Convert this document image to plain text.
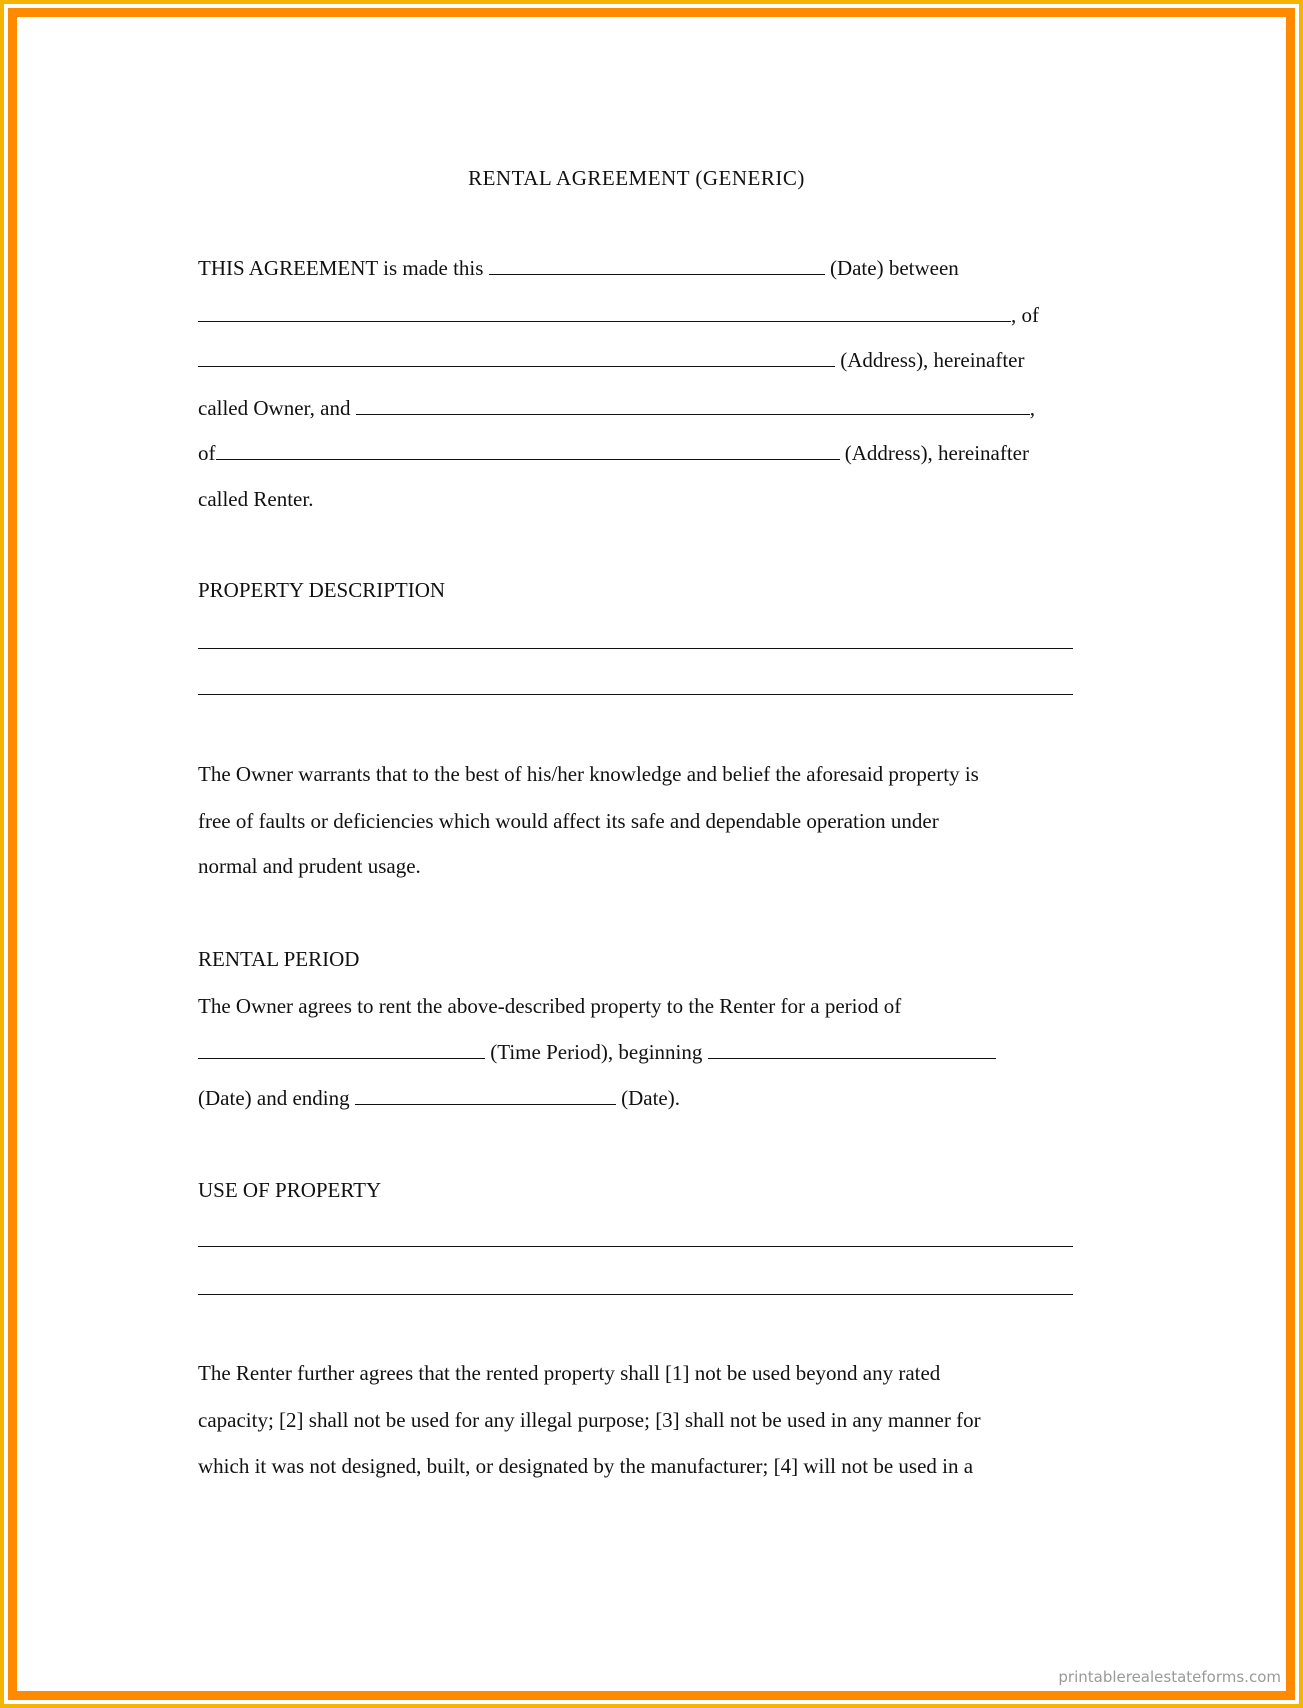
RENTAL AGREEMENT (GENERIC)
THIS AGREEMENT is made this	(Date) between
, of
(Address), hereinafter
called Owner, and	,
of	(Address), hereinafter
called Renter.
PROPERTY DESCRIPTION
The Owner warrants that to the best of his/her knowledge and belief the aforesaid property is
free of faults or deficiencies which would affect its safe and dependable operation under
normal and prudent usage.
RENTAL PERIOD
The Owner agrees to rent the above-described property to the Renter for a period of
(Time Period), beginning
(Date) and ending	(Date).
USE OF PROPERTY
The Renter further agrees that the rented property shall [1] not be used beyond any rated
capacity; [2] shall not be used for any illegal purpose; [3] shall not be used in any manner for
which it was not designed, built, or designated by the manufacturer; [4] will not be used in a
printablerealestateforms.com
